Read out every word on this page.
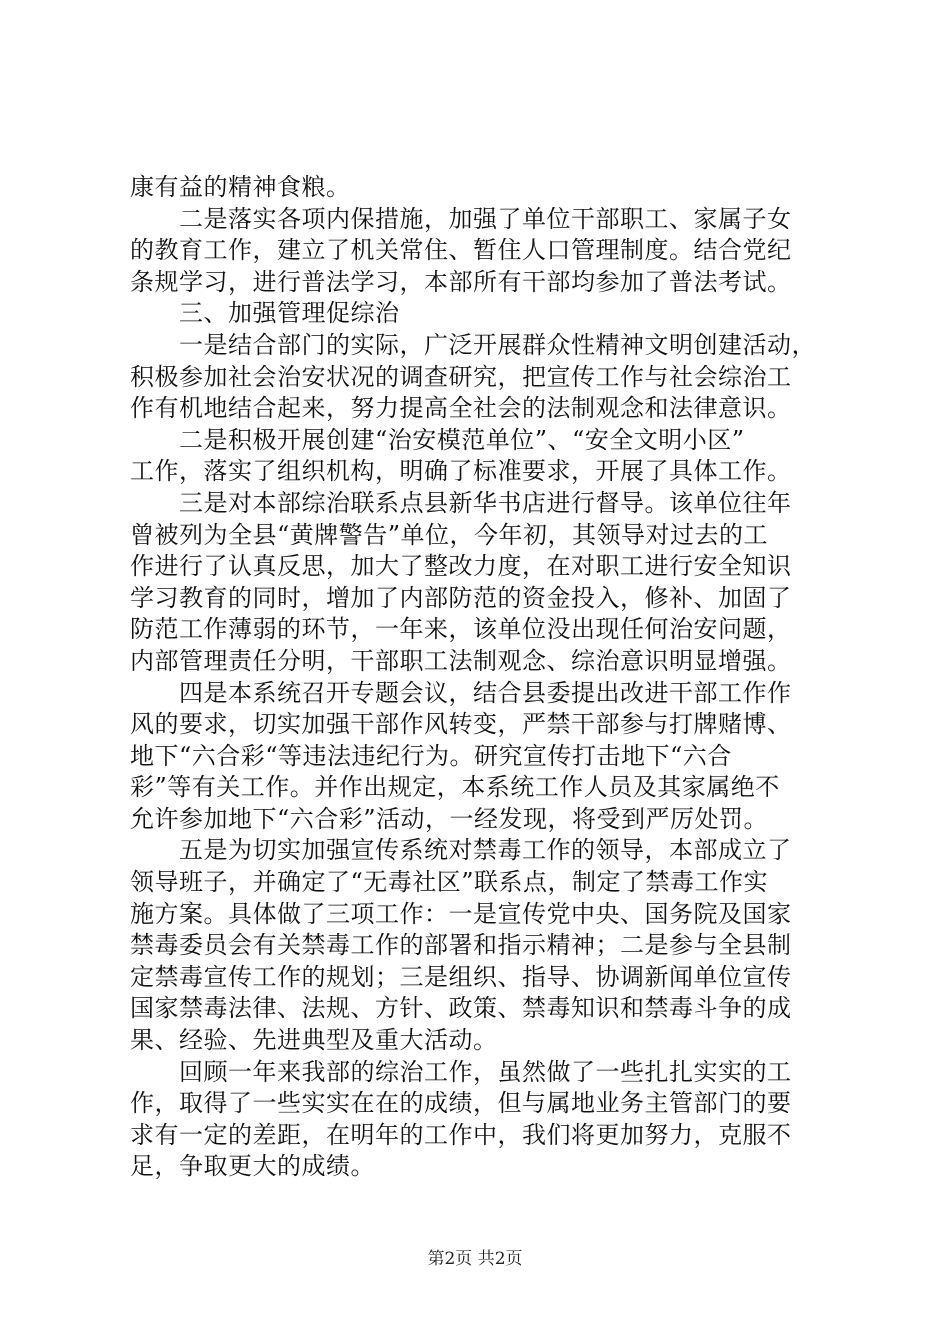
康有益的精神食粮。
二是落实各项内保措施，加强了单位干部职工、家属子女
的教育工作，建立了机关常住、暂住人口管理制度。结合党纪
条规学习，进行普法学习，本部所有干部均参加了普法考试。
三、加强管理促综治
一是结合部门的实际，广泛开展群众性精神文明创建活动，
积极参加社会治安状况的调查研究，把宣传工作与社会综治工
作有机地结合起来，努力提高全社会的法制观念和法律意识。
二是积极开展创建“治安模范单位”、“安全文明小区”
工作，落实了组织机构，明确了标准要求，开展了具体工作。
三是对本部综治联系点县新华书店进行督导。该单位往年
曾被列为全县“黄牌警告”单位，今年初，其领导对过去的工
作进行了认真反思，加大了整改力度，在对职工进行安全知识
学习教育的同时，增加了内部防范的资金投入，修补、加固了
防范工作薄弱的环节，一年来，该单位没出现任何治安问题，
内部管理责任分明，干部职工法制观念、综治意识明显增强。
四是本系统召开专题会议，结合县委提出改进干部工作作
风的要求，切实加强干部作风转变，严禁干部参与打牌赌博、
地下“六合彩“等违法违纪行为。研究宣传打击地下“六合
彩”等有关工作。并作出规定，本系统工作人员及其家属绝不
允许参加地下“六合彩”活动，一经发现，将受到严厉处罚。
五是为切实加强宣传系统对禁毒工作的领导，本部成立了
领导班子，并确定了“无毒社区”联系点，制定了禁毒工作实
施方案。具体做了三项工作：一是宣传党中央、国务院及国家
禁毒委员会有关禁毒工作的部署和指示精神；二是参与全县制
定禁毒宣传工作的规划；三是组织、指导、协调新闻单位宣传
国家禁毒法律、法规、方针、政策、禁毒知识和禁毒斗争的成
果、经验、先进典型及重大活动。
回顾一年来我部的综治工作，虽然做了一些扎扎实实的工
作，取得了一些实实在在的成绩，但与属地业务主管部门的要
求有一定的差距，在明年的工作中，我们将更加努力，克服不
足，争取更大的成绩。
第2页 共2页
